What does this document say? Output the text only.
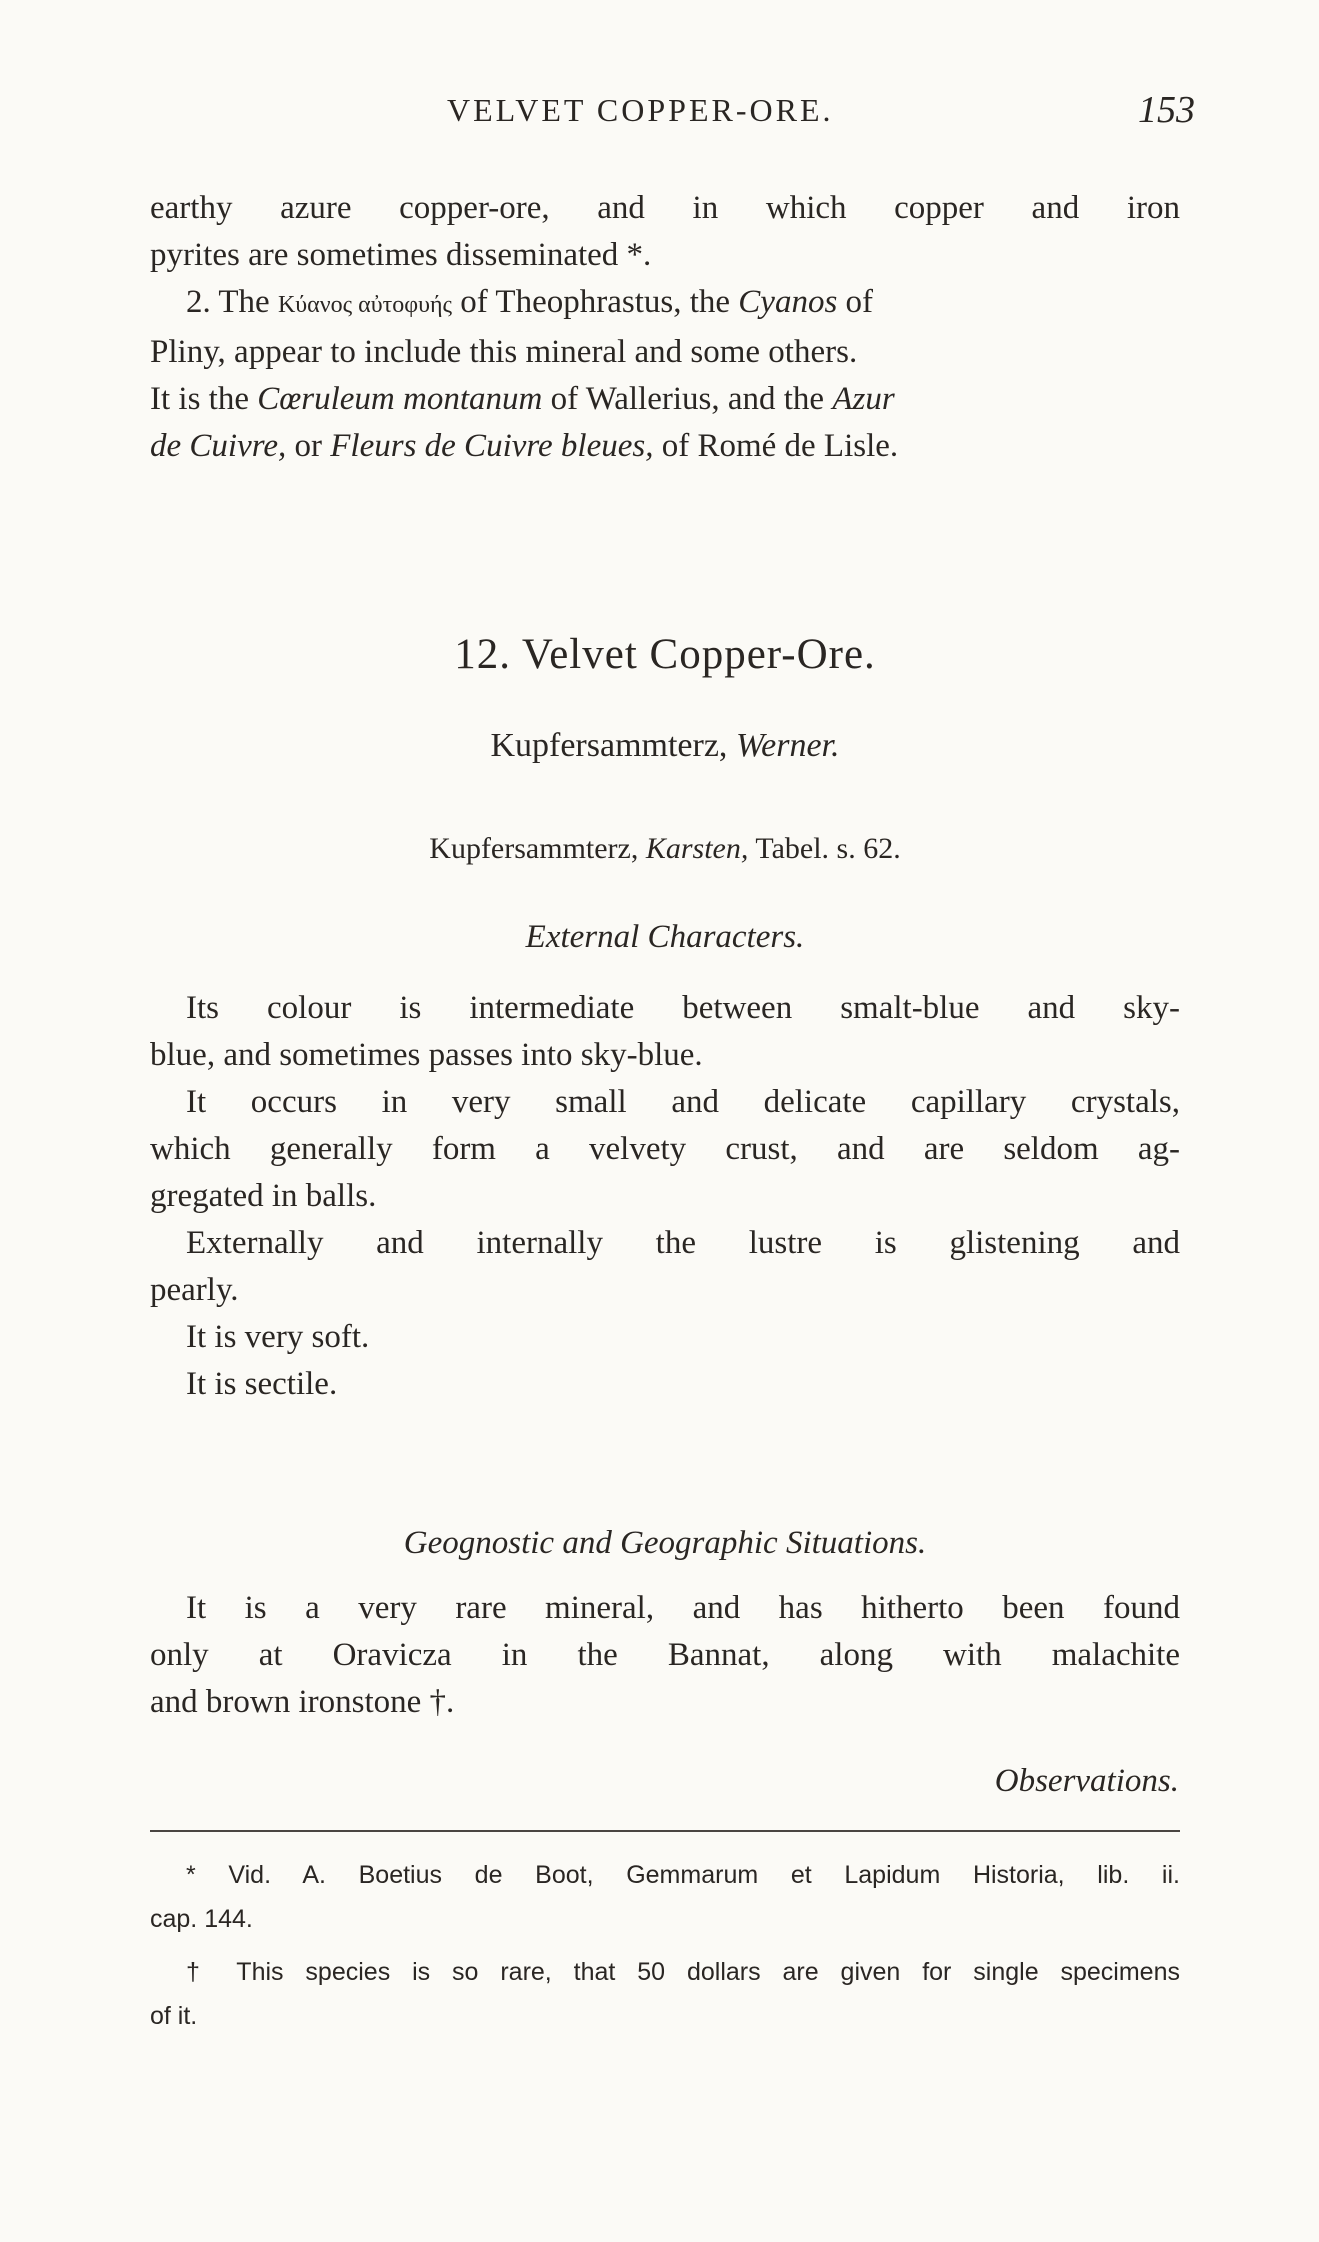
VELVET COPPER-ORE.	153
earthy azure copper-ore, and in which copper and iron
pyrites are sometimes disseminated *.
2. The Κύανος αὐτοφυής of Theophrastus, the Cyanos of
Pliny, appear to include this mineral and some others.
It is the Cœruleum montanum of Wallerius, and the Azur
de Cuivre, or Fleurs de Cuivre bleues, of Romé de Lisle.

12. Velvet Copper-Ore.

Kupfersammterz, Werner.

Kupfersammterz, Karsten, Tabel. s. 62.

External Characters.

Its colour is intermediate between smalt-blue and sky-
blue, and sometimes passes into sky-blue.
It occurs in very small and delicate capillary crystals,
which generally form a velvety crust, and are seldom ag-
gregated in balls.
Externally and internally the lustre is glistening and
pearly.
It is very soft.
It is sectile.

Geognostic and Geographic Situations.

It is a very rare mineral, and has hitherto been found
only at Oravicza in the Bannat, along with malachite
and brown ironstone †.
Observations.
* Vid. A. Boetius de Boot, Gemmarum et Lapidum Historia, lib. ii.
cap. 144.
† This species is so rare, that 50 dollars are given for single specimens
of it.
